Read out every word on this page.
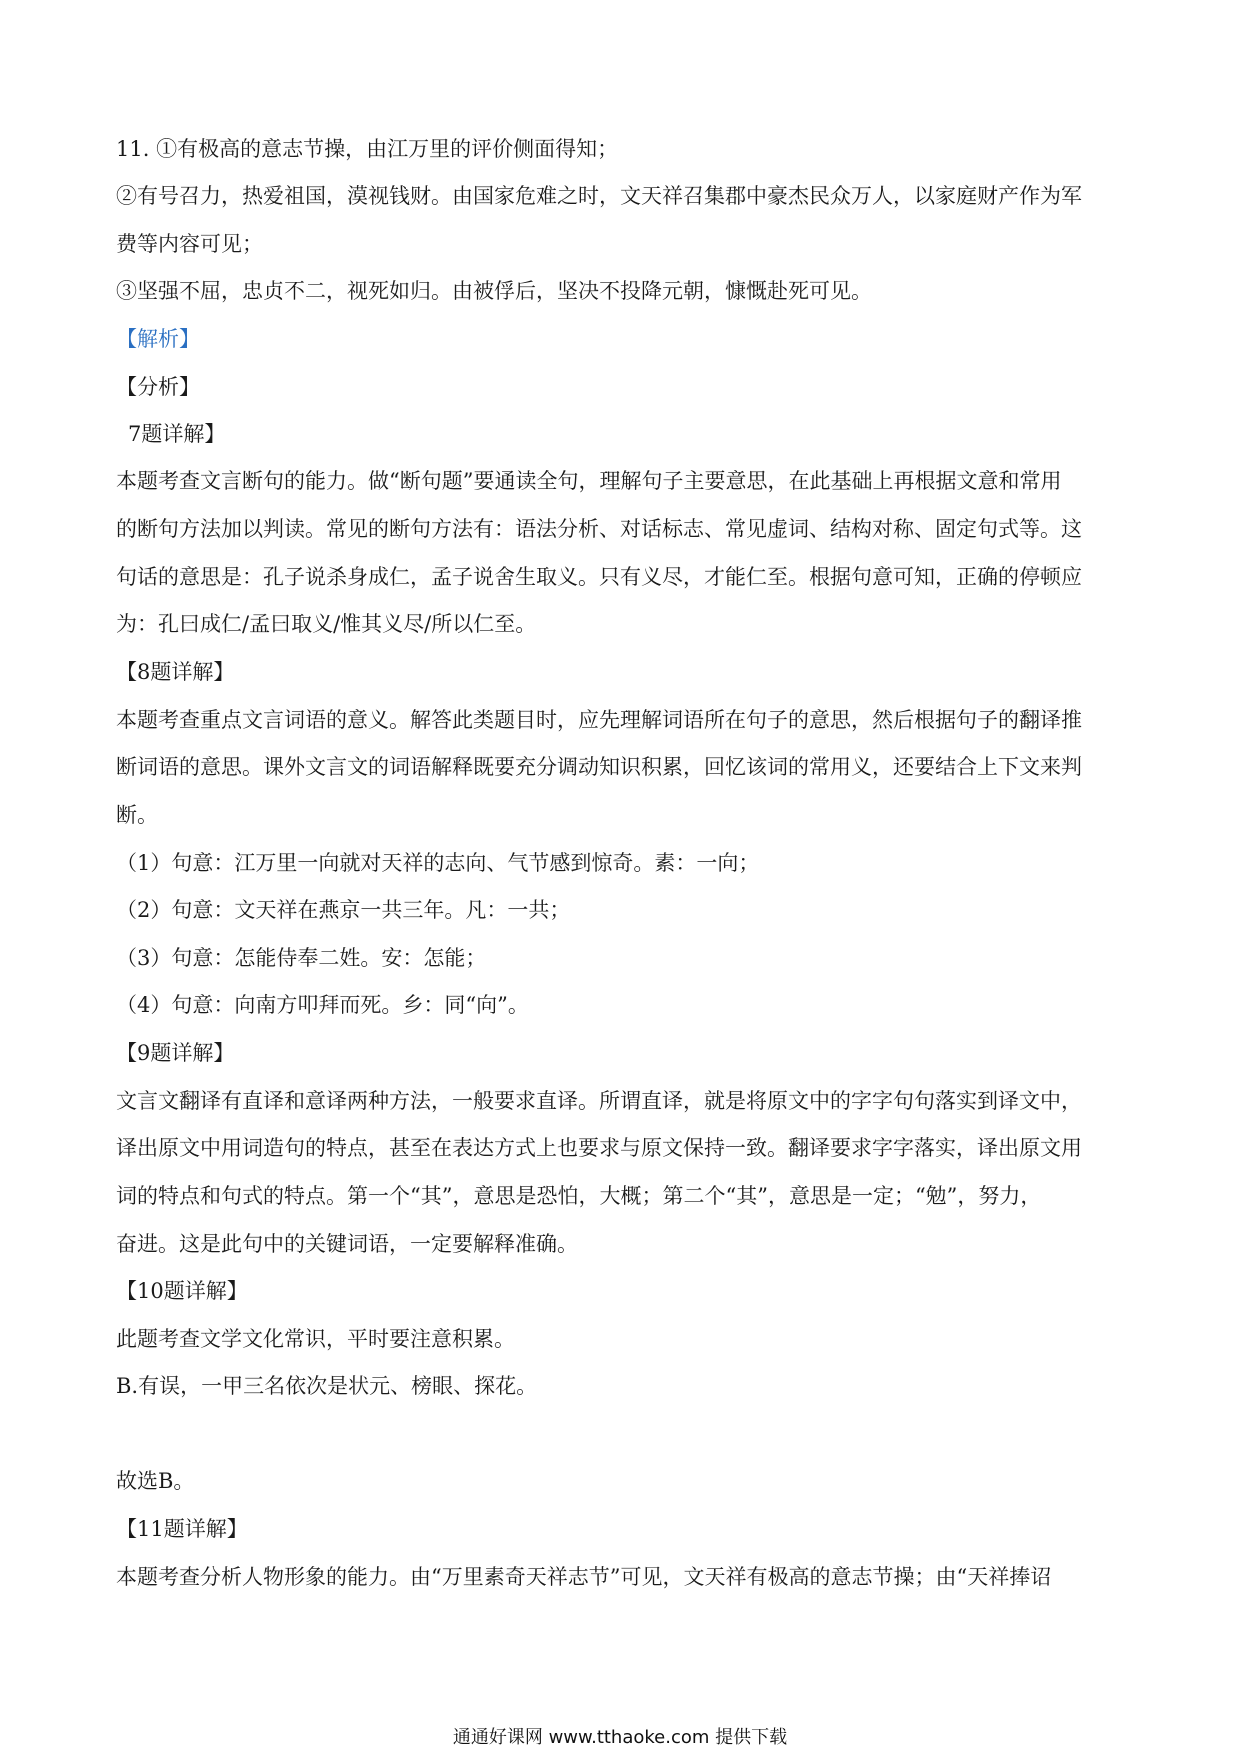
11. ①有极高的意志节操，由江万里的评价侧面得知；
②有号召力，热爱祖国，漠视钱财。由国家危难之时，文天祥召集郡中豪杰民众万人，以家庭财产作为军
费等内容可见；
③坚强不屈，忠贞不二，视死如归。由被俘后，坚决不投降元朝，慷慨赴死可见。
【解析】
【分析】
7题详解】
本题考查文言断句的能力。做“断句题”要通读全句，理解句子主要意思，在此基础上再根据文意和常用
的断句方法加以判读。常见的断句方法有：语法分析、对话标志、常见虚词、结构对称、固定句式等。这
句话的意思是：孔子说杀身成仁，孟子说舍生取义。只有义尽，才能仁至。根据句意可知，正确的停顿应
为：孔曰成仁/孟曰取义/惟其义尽/所以仁至。
【8题详解】
本题考查重点文言词语的意义。解答此类题目时，应先理解词语所在句子的意思，然后根据句子的翻译推
断词语的意思。课外文言文的词语解释既要充分调动知识积累，回忆该词的常用义，还要结合上下文来判
断。
（1）句意：江万里一向就对天祥的志向、气节感到惊奇。素：一向；
（2）句意：文天祥在燕京一共三年。凡：一共；
（3）句意：怎能侍奉二姓。安：怎能；
（4）句意：向南方叩拜而死。乡：同“向”。
【9题详解】
文言文翻译有直译和意译两种方法，一般要求直译。所谓直译，就是将原文中的字字句句落实到译文中，
译出原文中用词造句的特点，甚至在表达方式上也要求与原文保持一致。翻译要求字字落实，译出原文用
词的特点和句式的特点。第一个“其”，意思是恐怕，大概；第二个“其”，意思是一定；“勉”，努力，
奋进。这是此句中的关键词语，一定要解释准确。
【10题详解】
此题考查文学文化常识，平时要注意积累。
B.有误，一甲三名依次是状元、榜眼、探花。
故选B。
【11题详解】
本题考查分析人物形象的能力。由“万里素奇天祥志节”可见，文天祥有极高的意志节操；由“天祥捧诏
通通好课网 www.tthaoke.com 提供下载
